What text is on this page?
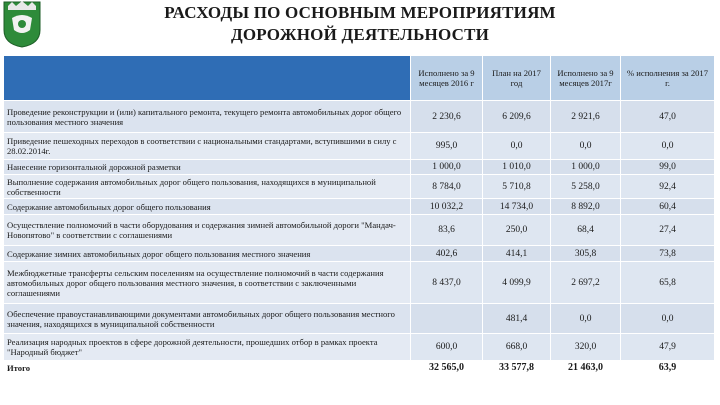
РАСХОДЫ ПО ОСНОВНЫМ МЕРОПРИЯТИЯМ
ДОРОЖНОЙ ДЕЯТЕЛЬНОСТИ
	Исполнено за 9 месяцев 2016 г	План на 2017 год	Исполнено за 9 месяцев 2017г	% исполнения за 2017 г.
Проведение реконструкции и (или) капитального ремонта, текущего ремонта автомобильных дорог общего пользования местного значения	2 230,6	6 209,6	2 921,6	47,0
Приведение пешеходных переходов в соответствии с национальными стандартами, вступившими в силу с 28.02.2014г.	995,0	0,0	0,0	0,0
Нанесение горизонтальной дорожной разметки	1 000,0	1 010,0	1 000,0	99,0
Выполнение содержания автомобильных дорог общего пользования, находящихся в муниципальной собственности	8 784,0	5 710,8	5 258,0	92,4
Содержание автомобильных дорог общего пользования	10 032,2	14 734,0	8 892,0	60,4
Осуществление полномочий в части оборудования и содержания зимней автомобильной дороги "Мандач-Новопятово" в соответствии с соглашениями	83,6	250,0	68,4	27,4
Содержание зимних автомобильных дорог общего пользования местного значения	402,6	414,1	305,8	73,8
Межбюджетные трансферты сельским поселениям на осуществление полномочий в части содержания автомобильных дорог общего пользования местного значения, в соответствии с заключенными соглашениями	8 437,0	4 099,9	2 697,2	65,8
Обеспечение правоустанавливающими документами автомобильных дорог общего пользования местного значения, находящихся в муниципальной собственности		481,4	0,0	0,0
Реализация народных проектов в сфере дорожной деятельности, прошедших отбор в рамках проекта "Народный бюджет"	600,0	668,0	320,0	47,9
Итого	32 565,0	33 577,8	21 463,0	63,9
